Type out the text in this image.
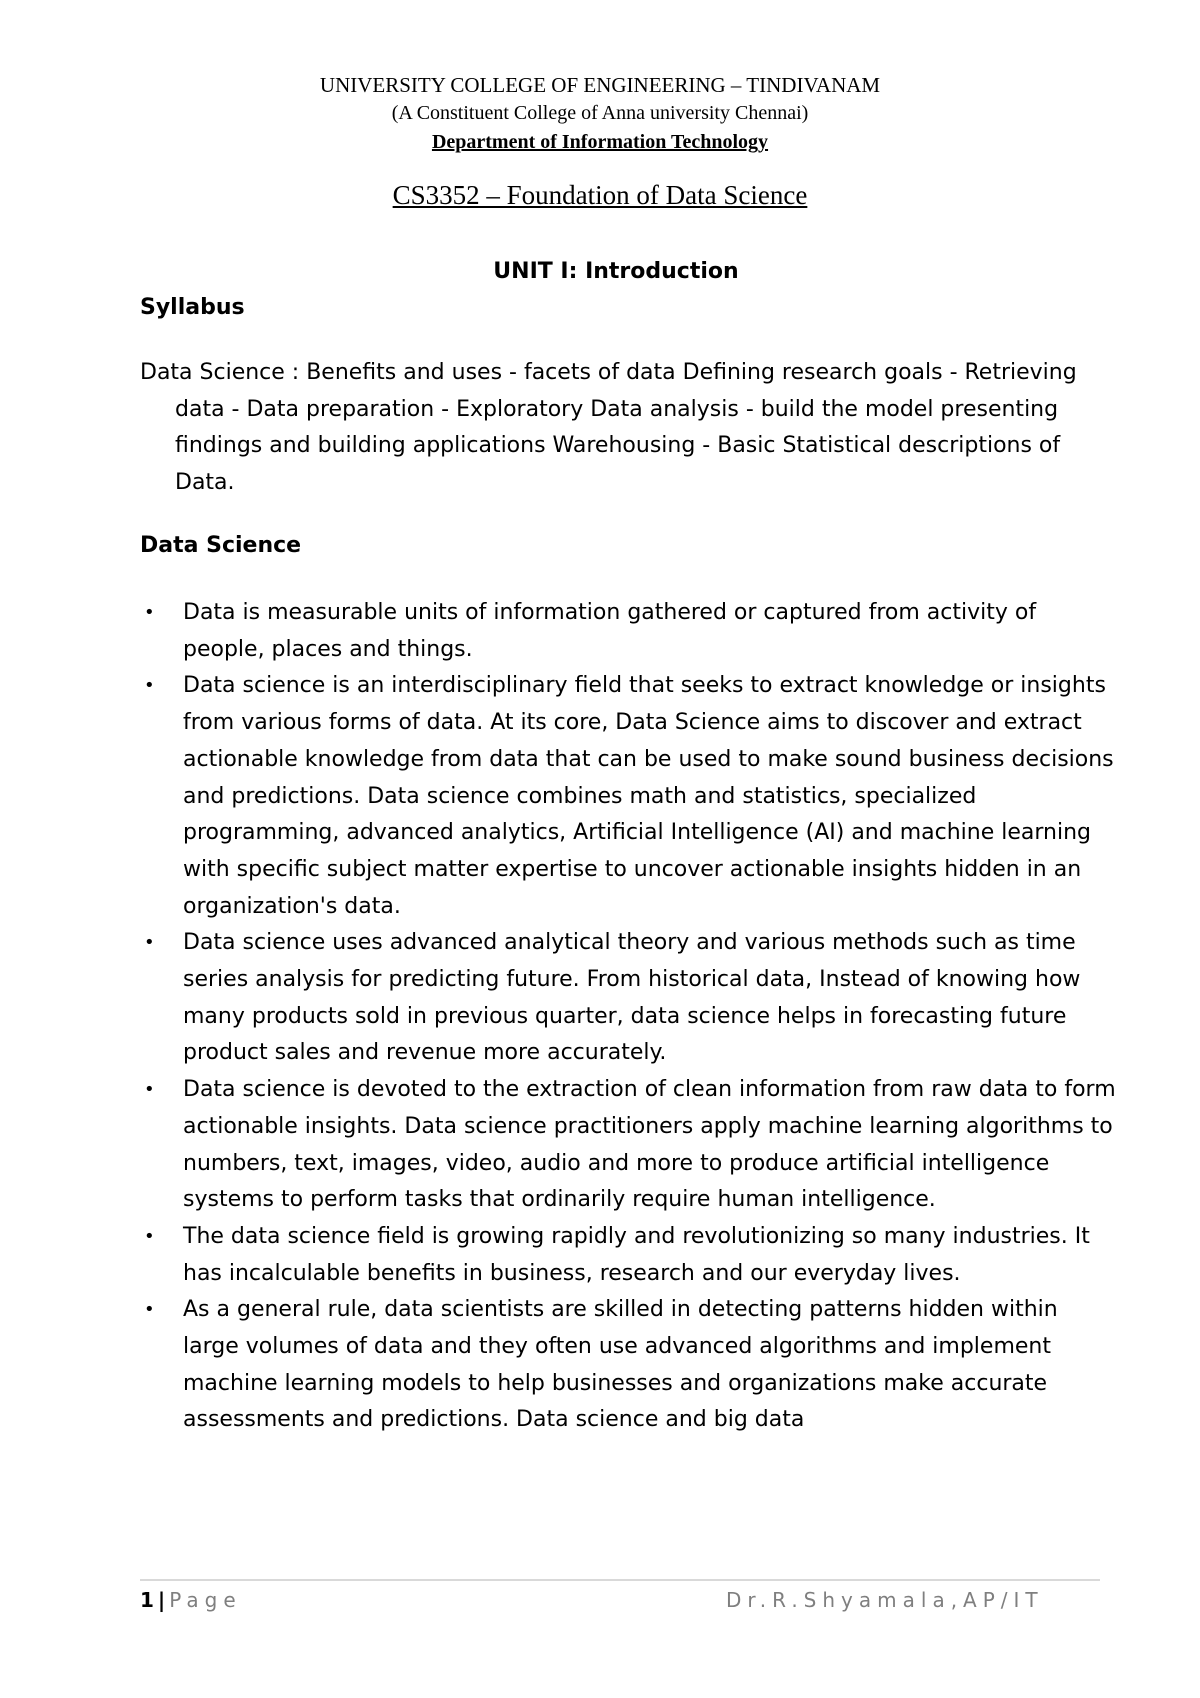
UNIVERSITY COLLEGE OF ENGINEERING – TINDIVANAM
(A Constituent College of Anna university Chennai)
Department of Information Technology
CS3352 – Foundation of Data Science
UNIT I: Introduction
Syllabus

Data Science : Benefits and uses - facets of data Defining research goals - Retrieving data - Data preparation - Exploratory Data analysis - build the model presenting findings and building applications Warehousing - Basic Statistical descriptions of Data.

Data Science
• Data is measurable units of information gathered or captured from activity of people, places and things.
• Data science is an interdisciplinary field that seeks to extract knowledge or insights from various forms of data. At its core, Data Science aims to discover and extract actionable knowledge from data that can be used to make sound business decisions and predictions. Data science combines math and statistics, specialized programming, advanced analytics, Artificial Intelligence (AI) and machine learning with specific subject matter expertise to uncover actionable insights hidden in an organization's data.
• Data science uses advanced analytical theory and various methods such as time series analysis for predicting future. From historical data, Instead of knowing how many products sold in previous quarter, data science helps in forecasting future product sales and revenue more accurately.
• Data science is devoted to the extraction of clean information from raw data to form actionable insights. Data science practitioners apply machine learning algorithms to numbers, text, images, video, audio and more to produce artificial intelligence systems to perform tasks that ordinarily require human intelligence.
• The data science field is growing rapidly and revolutionizing so many industries. It has incalculable benefits in business, research and our everyday lives.
• As a general rule, data scientists are skilled in detecting patterns hidden within large volumes of data and they often use advanced algorithms and implement machine learning models to help businesses and organizations make accurate assessments and predictions. Data science and big data
1 | Page	Dr.R.Shyamala,AP/IT
